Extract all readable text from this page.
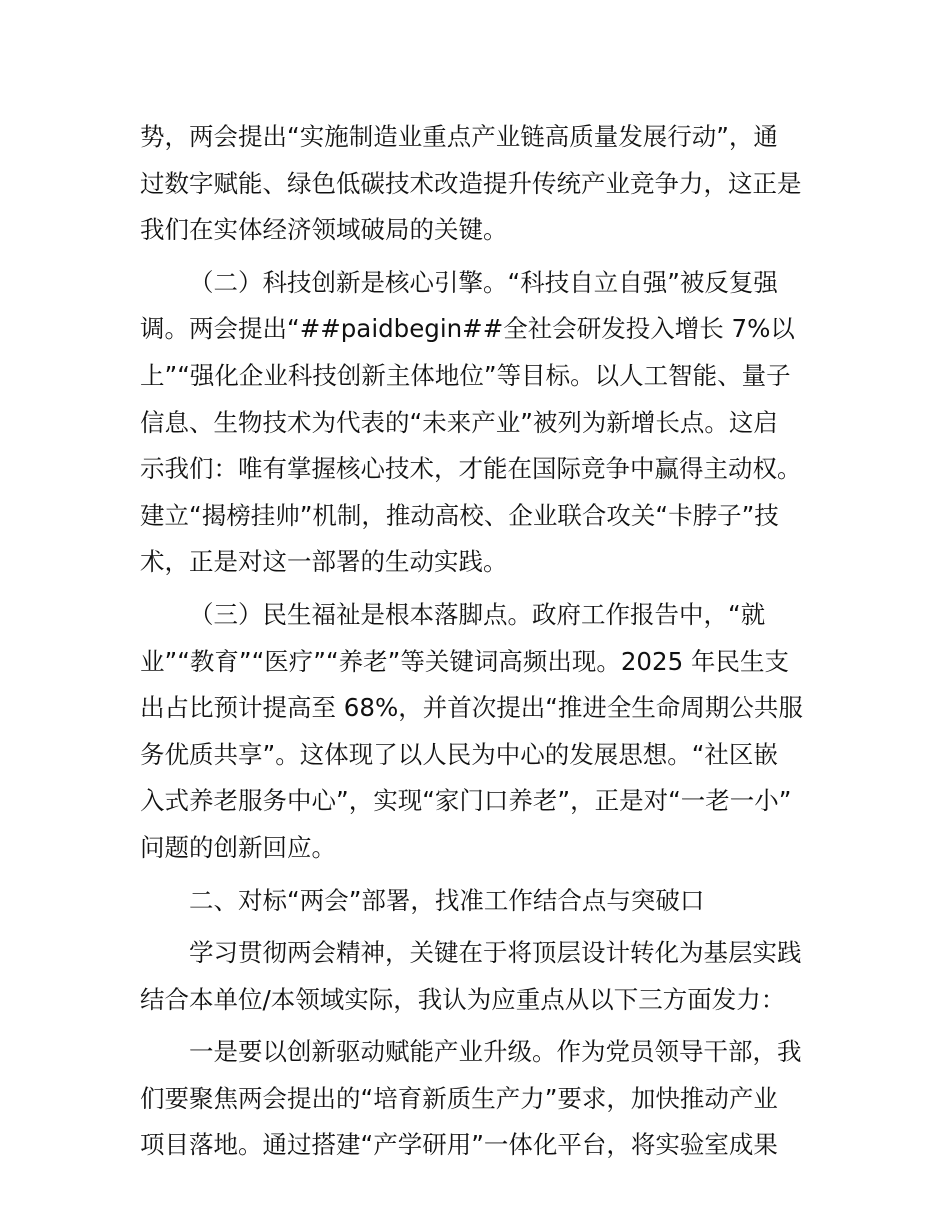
势，两会提出“实施制造业重点产业链高质量发展行动”，通
过数字赋能、绿色低碳技术改造提升传统产业竞争力，这正是
我们在实体经济领域破局的关键。
（二）科技创新是核心引擎。“科技自立自强”被反复强
调。两会提出“##paidbegin##全社会研发投入增长 7%以
上”“强化企业科技创新主体地位”等目标。以人工智能、量子
信息、生物技术为代表的“未来产业”被列为新增长点。这启
示我们：唯有掌握核心技术，才能在国际竞争中赢得主动权。
建立“揭榜挂帅”机制，推动高校、企业联合攻关“卡脖子”技
术，正是对这一部署的生动实践。
（三）民生福祉是根本落脚点。政府工作报告中，“就
业”“教育”“医疗”“养老”等关键词高频出现。2025 年民生支
出占比预计提高至 68%，并首次提出“推进全生命周期公共服
务优质共享”。这体现了以人民为中心的发展思想。“社区嵌
入式养老服务中心”，实现“家门口养老”，正是对“一老一小”
问题的创新回应。
二、对标“两会”部署，找准工作结合点与突破口
学习贯彻两会精神，关键在于将顶层设计转化为基层实践
结合本单位/本领域实际，我认为应重点从以下三方面发力：
一是要以创新驱动赋能产业升级。作为党员领导干部，我
们要聚焦两会提出的“培育新质生产力”要求，加快推动产业
项目落地。通过搭建“产学研用”一体化平台，将实验室成果
